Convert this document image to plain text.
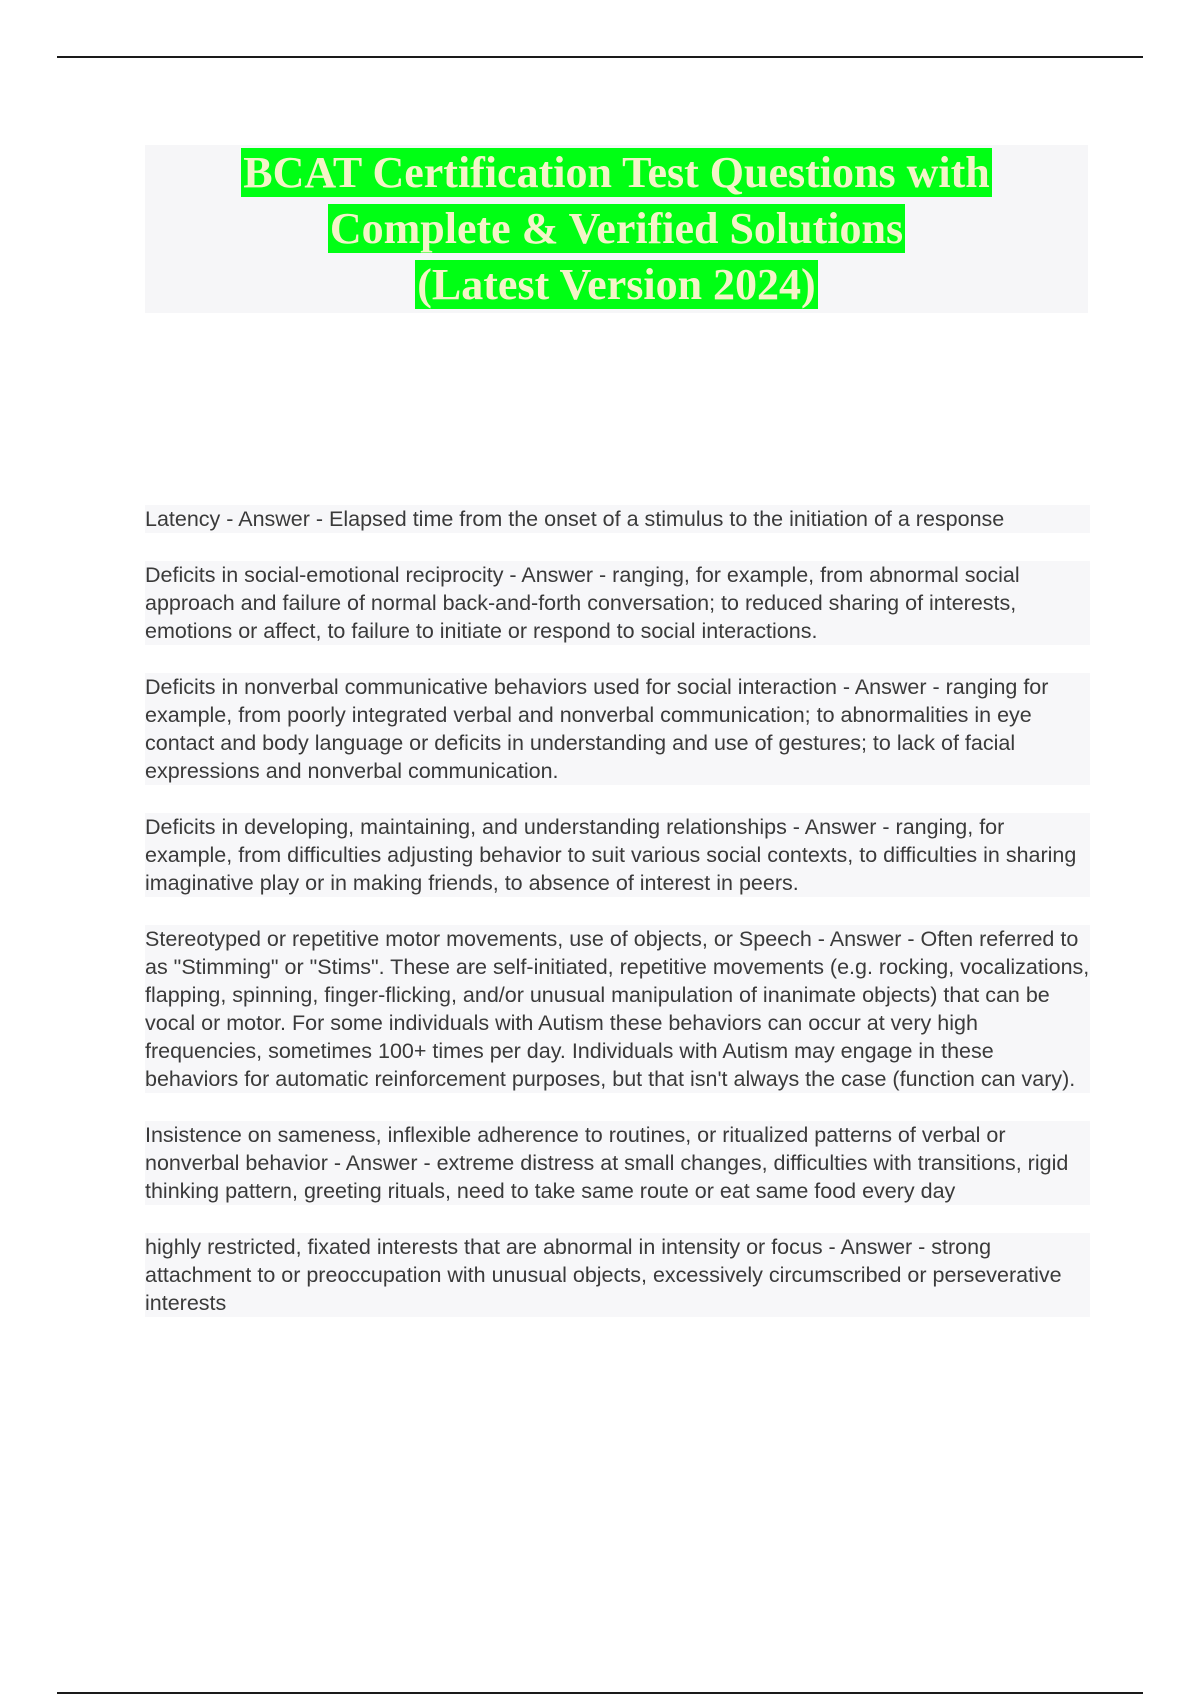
BCAT Certification Test Questions with
Complete & Verified Solutions
(Latest Version 2024)

Latency - Answer - Elapsed time from the onset of a stimulus to the initiation of a response

Deficits in social-emotional reciprocity - Answer - ranging, for example, from abnormal social approach and failure of normal back-and-forth conversation; to reduced sharing of interests, emotions or affect, to failure to initiate or respond to social interactions.

Deficits in nonverbal communicative behaviors used for social interaction - Answer - ranging for example, from poorly integrated verbal and nonverbal communication; to abnormalities in eye contact and body language or deficits in understanding and use of gestures; to lack of facial expressions and nonverbal communication.

Deficits in developing, maintaining, and understanding relationships - Answer - ranging, for example, from difficulties adjusting behavior to suit various social contexts, to difficulties in sharing imaginative play or in making friends, to absence of interest in peers.

Stereotyped or repetitive motor movements, use of objects, or Speech - Answer - Often referred to as "Stimming" or "Stims". These are self-initiated, repetitive movements (e.g. rocking, vocalizations, flapping, spinning, finger-flicking, and/or unusual manipulation of inanimate objects) that can be vocal or motor. For some individuals with Autism these behaviors can occur at very high frequencies, sometimes 100+ times per day. Individuals with Autism may engage in these behaviors for automatic reinforcement purposes, but that isn't always the case (function can vary).

Insistence on sameness, inflexible adherence to routines, or ritualized patterns of verbal or nonverbal behavior - Answer - extreme distress at small changes, difficulties with transitions, rigid thinking pattern, greeting rituals, need to take same route or eat same food every day

highly restricted, fixated interests that are abnormal in intensity or focus - Answer - strong attachment to or preoccupation with unusual objects, excessively circumscribed or perseverative interests
